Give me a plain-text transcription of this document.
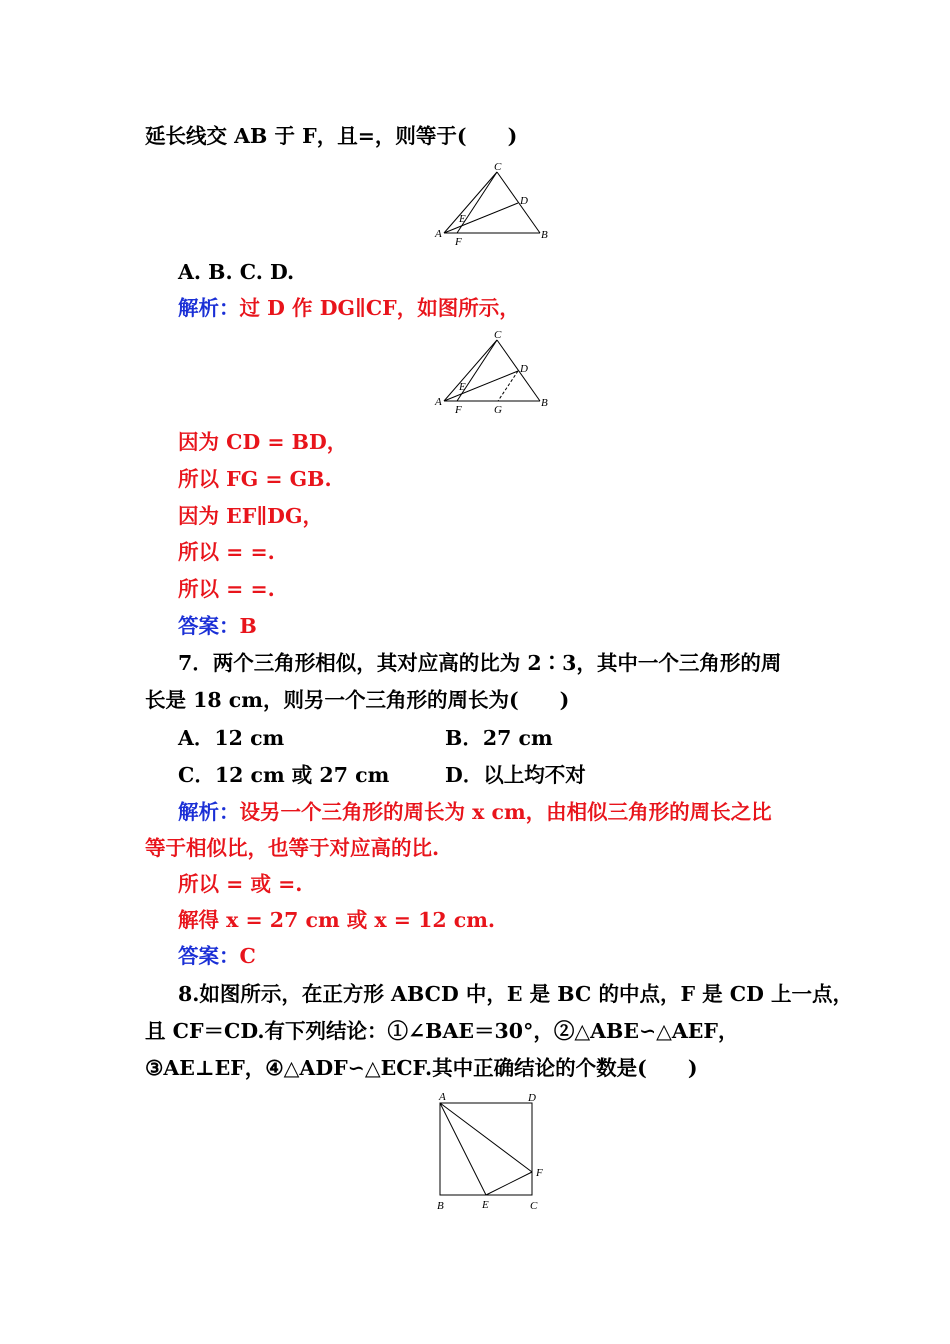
延长线交 AB 于 F，且=，则等于(　　)
C
D
E
A
F
B
A. B. C. D.
解析：过 D 作 DG∥CF，如图所示，
C
D
E
A
F	G
B
因为 CD = BD，
所以 FG = GB.
因为 EF∥DG，
所以 = =.
所以 = =.
答案：B
7．两个三角形相似，其对应高的比为 2∶3，其中一个三角形的周
长是 18 cm，则另一个三角形的周长为(　　)
A．12 cm	B．27 cm
C．12 cm 或 27 cm	D．以上均不对
解析：设另一个三角形的周长为 x cm，由相似三角形的周长之比
等于相似比，也等于对应高的比.
所以 = 或 =.
解得 x = 27 cm 或 x = 12 cm.
答案：C
8.如图所示，在正方形 ABCD 中，E 是 BC 的中点，F 是 CD 上一点，
且 CF＝CD.有下列结论：①∠BAE＝30°，②△ABE∽△AEF，
③AE⊥EF，④△ADF∽△ECF.其中正确结论的个数是(　　)
A	D
F
B	E	C
